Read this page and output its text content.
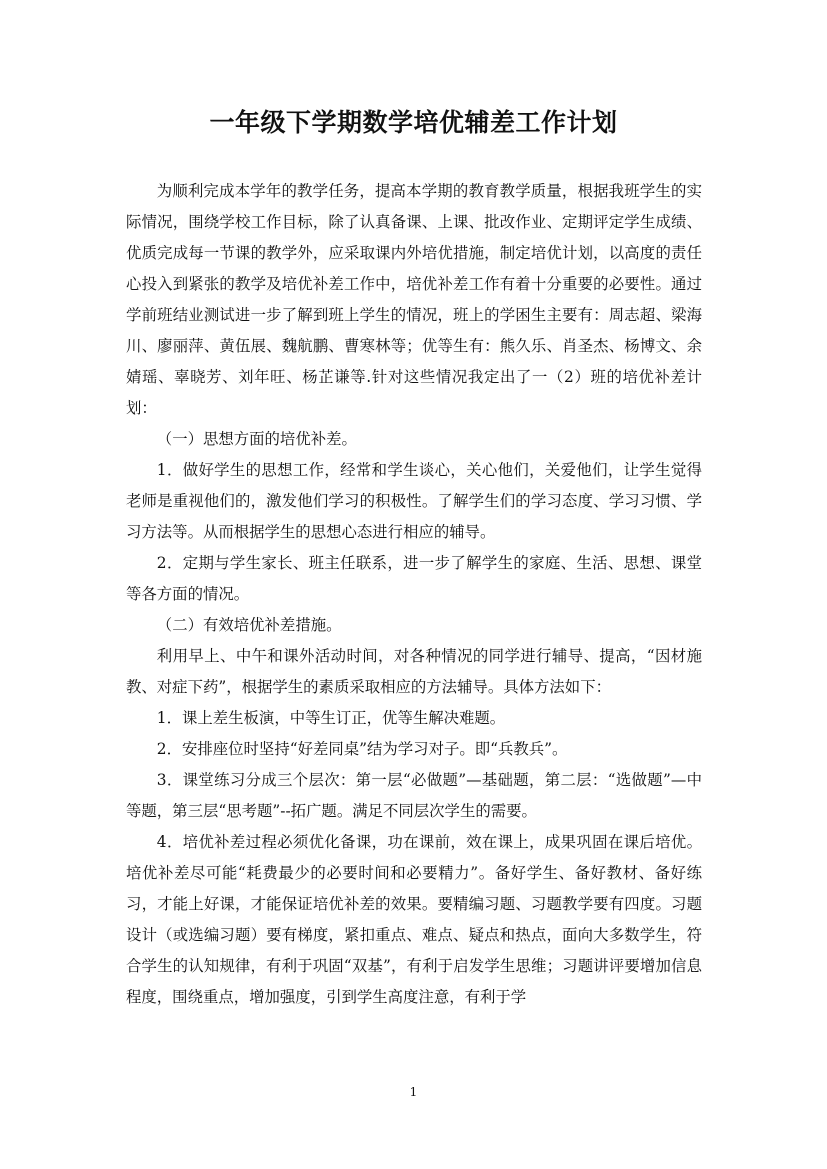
一年级下学期数学培优辅差工作计划

为顺利完成本学年的教学任务，提高本学期的教育教学质量，根据我班学生的实际情况，围绕学校工作目标，除了认真备课、上课、批改作业、定期评定学生成绩、优质完成每一节课的教学外，应采取课内外培优措施，制定培优计划，以高度的责任心投入到紧张的教学及培优补差工作中，培优补差工作有着十分重要的必要性。通过学前班结业测试进一步了解到班上学生的情况，班上的学困生主要有：周志超、梁海川、廖丽萍、黄伍展、魏航鹏、曹寒林等；优等生有：熊久乐、肖圣杰、杨博文、余婧瑶、辜晓芳、刘年旺、杨芷谦等.针对这些情况我定出了一（2）班的培优补差计划：

（一）思想方面的培优补差。

1．做好学生的思想工作，经常和学生谈心，关心他们，关爱他们，让学生觉得老师是重视他们的，激发他们学习的积极性。了解学生们的学习态度、学习习惯、学习方法等。从而根据学生的思想心态进行相应的辅导。

2．定期与学生家长、班主任联系，进一步了解学生的家庭、生活、思想、课堂等各方面的情况。

（二）有效培优补差措施。

利用早上、中午和课外活动时间，对各种情况的同学进行辅导、提高，“因材施教、对症下药”，根据学生的素质采取相应的方法辅导。具体方法如下：

1．课上差生板演，中等生订正，优等生解决难题。

2．安排座位时坚持“好差同桌”结为学习对子。即“兵教兵”。

3．课堂练习分成三个层次：第一层“必做题”—基础题，第二层：“选做题”—中等题，第三层“思考题”--拓广题。满足不同层次学生的需要。

4．培优补差过程必须优化备课，功在课前，效在课上，成果巩固在课后培优。培优补差尽可能“耗费最少的必要时间和必要精力”。备好学生、备好教材、备好练习，才能上好课，才能保证培优补差的效果。要精编习题、习题教学要有四度。习题设计（或选编习题）要有梯度，紧扣重点、难点、疑点和热点，面向大多数学生，符合学生的认知规律，有利于巩固“双基”，有利于启发学生思维；习题讲评要增加信息程度，围绕重点，增加强度，引到学生高度注意，有利于学

1
